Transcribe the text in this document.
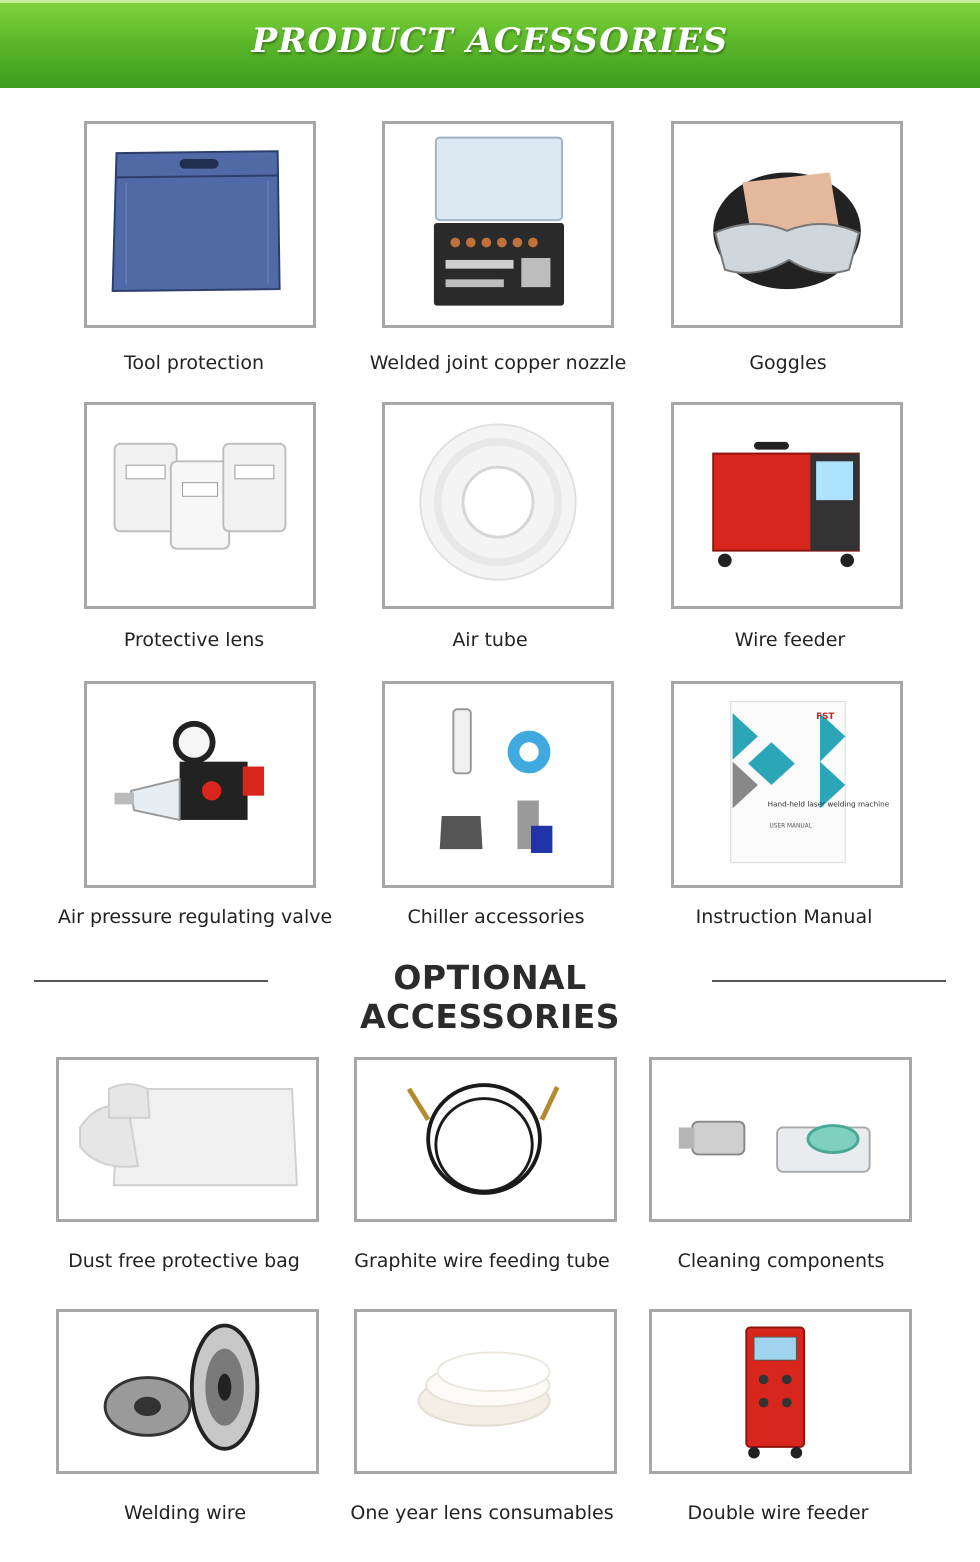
PRODUCT ACESSORIES
Tool protection	Welded joint copper nozzle	Goggles
Protective lens	Air tube	Wire feeder
Air pressure regulating valve	Chiller accessories
FST
Hand-held laser welding machine
USER MANUAL
Instruction Manual
OPTIONAL ACCESSORIES
Dust free protective bag	Graphite wire feeding tube	Cleaning components
Welding wire	One year lens consumables	Double wire feeder
